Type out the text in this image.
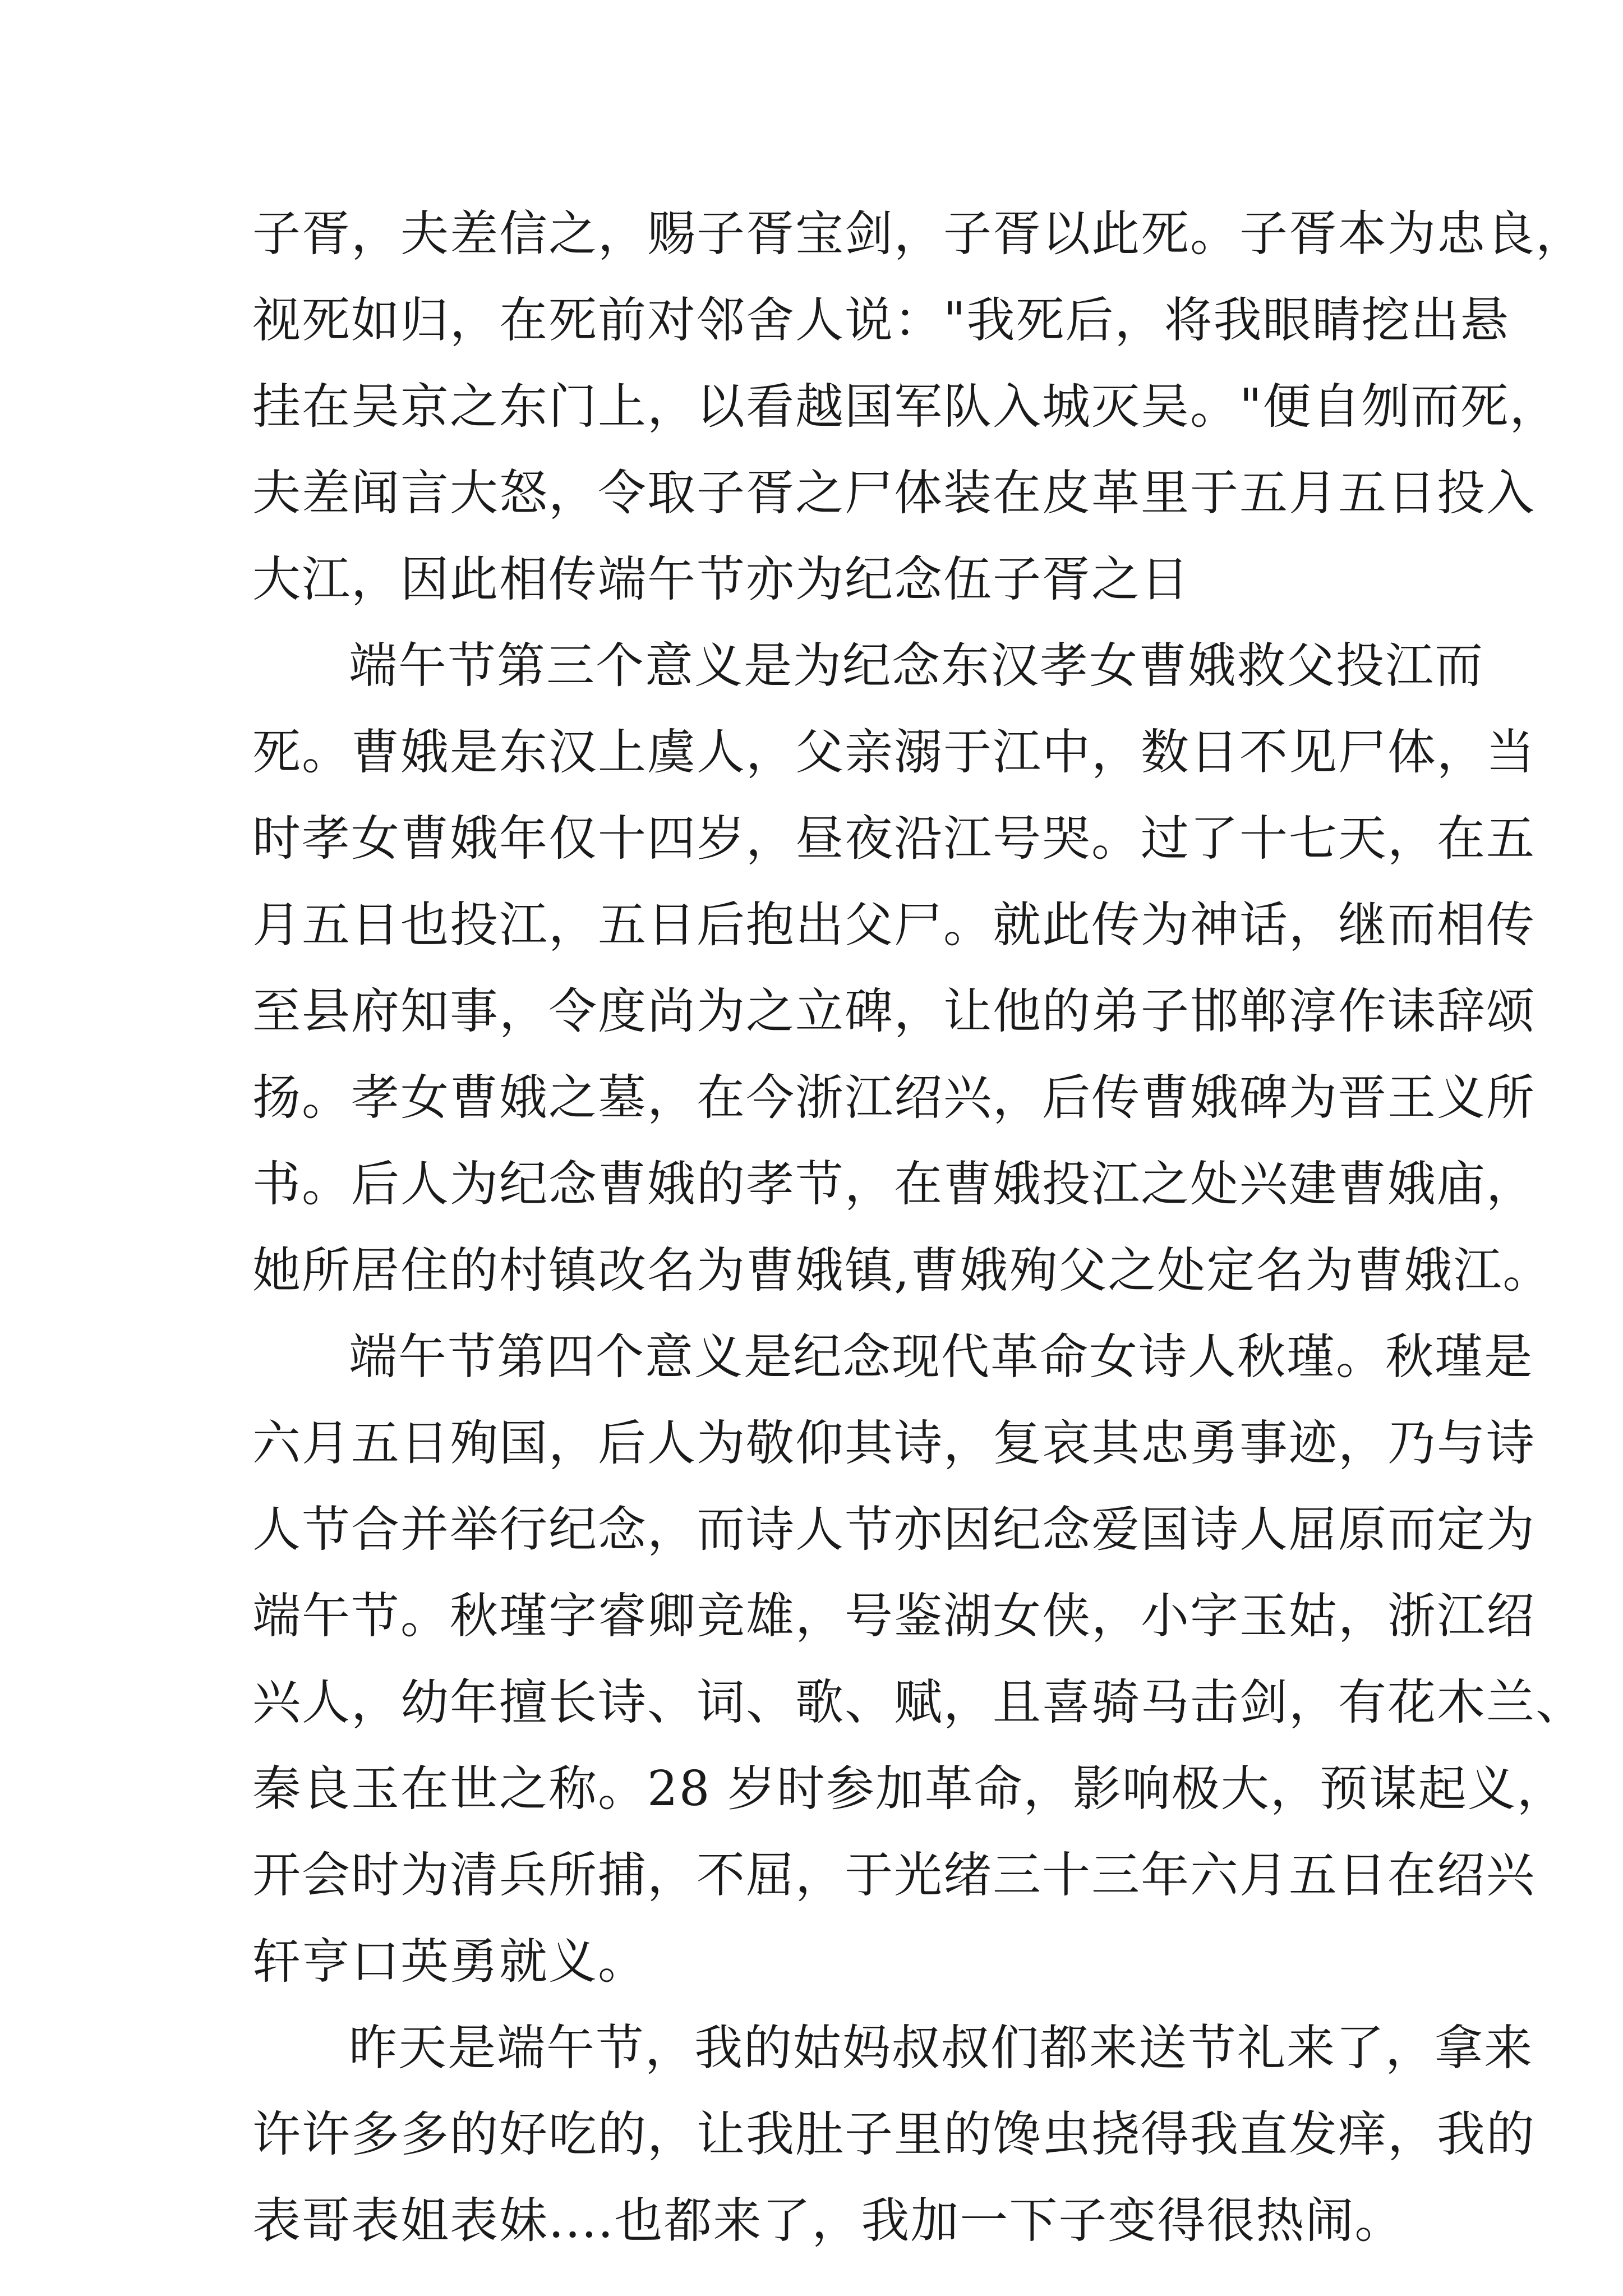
子胥，夫差信之，赐子胥宝剑，子胥以此死。子胥本为忠良，
视死如归，在死前对邻舍人说："我死后，将我眼睛挖出悬
挂在吴京之东门上，以看越国军队入城灭吴。"便自刎而死，
夫差闻言大怒，令取子胥之尸体装在皮革里于五月五日投入
大江，因此相传端午节亦为纪念伍子胥之日

端午节第三个意义是为纪念东汉孝女曹娥救父投江而
死。曹娥是东汉上虞人，父亲溺于江中，数日不见尸体，当
时孝女曹娥年仅十四岁，昼夜沿江号哭。过了十七天，在五
月五日也投江，五日后抱出父尸。就此传为神话，继而相传
至县府知事，令度尚为之立碑，让他的弟子邯郸淳作诔辞颂
扬。孝女曹娥之墓，在今浙江绍兴，后传曹娥碑为晋王义所
书。后人为纪念曹娥的孝节，在曹娥投江之处兴建曹娥庙，
她所居住的村镇改名为曹娥镇,曹娥殉父之处定名为曹娥江。

端午节第四个意义是纪念现代革命女诗人秋瑾。秋瑾是
六月五日殉国，后人为敬仰其诗，复哀其忠勇事迹，乃与诗
人节合并举行纪念，而诗人节亦因纪念爱国诗人屈原而定为
端午节。秋瑾字睿卿竞雄，号鉴湖女侠，小字玉姑，浙江绍
兴人，幼年擅长诗、词、歌、赋，且喜骑马击剑，有花木兰、
秦良玉在世之称。28 岁时参加革命，影响极大，预谋起义，
开会时为清兵所捕，不屈，于光绪三十三年六月五日在绍兴
轩亨口英勇就义。

昨天是端午节，我的姑妈叔叔们都来送节礼来了，拿来
许许多多的好吃的，让我肚子里的馋虫挠得我直发痒，我的
表哥表姐表妹....也都来了，我加一下子变得很热闹。
